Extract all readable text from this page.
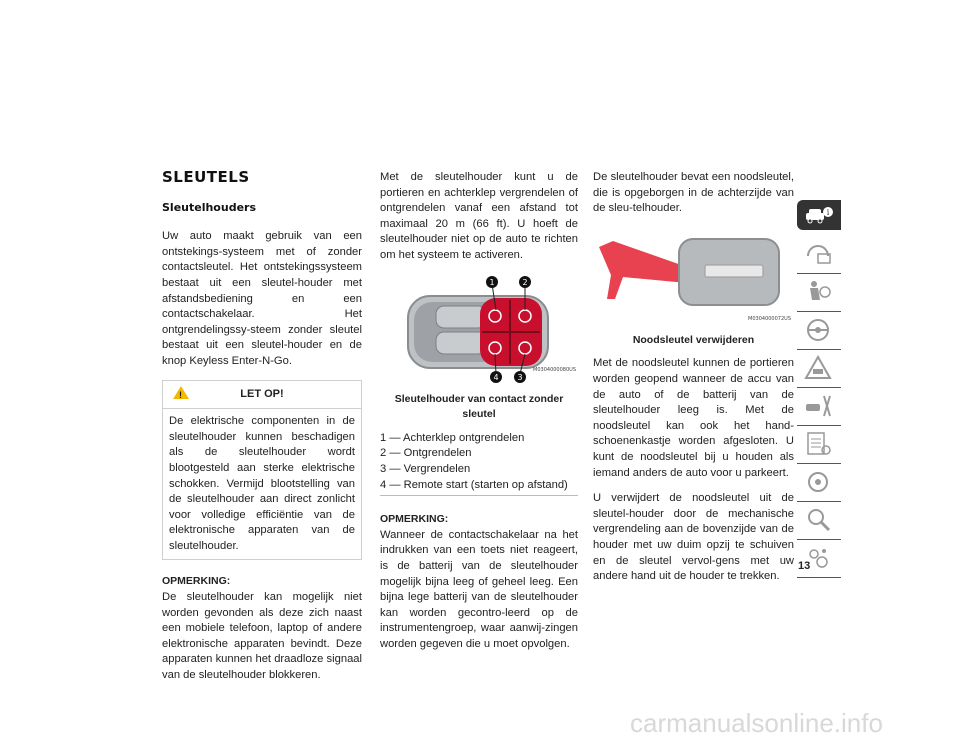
SLEUTELS
Sleutelhouders

Uw auto maakt gebruik van een ontstekings-systeem met of zonder contactsleutel. Het ontstekingssysteem bestaat uit een sleutel-houder met afstandsbediening en een contactschakelaar. Het ontgrendelingssy-steem zonder sleutel bestaat uit een sleutel-houder en de knop Keyless Enter-N-Go.

!	LET OP!
De elektrische componenten in de sleutelhouder kunnen beschadigen als de sleutelhouder wordt blootgesteld aan sterke elektrische schokken. Vermijd blootstelling van de sleutelhouder aan direct zonlicht voor volledige efficiëntie van de elektronische apparaten van de sleutelhouder.
OPMERKING:

De sleutelhouder kan mogelijk niet worden gevonden als deze zich naast een mobiele telefoon, laptop of andere elektronische apparaten bevindt. Deze apparaten kunnen het draadloze signaal van de sleutelhouder blokkeren.

Met de sleutelhouder kunt u de portieren en achterklep vergrendelen of ontgrendelen vanaf een afstand tot maximaal 20 m (66 ft). U hoeft de sleutelhouder niet op de auto te richten om het systeem te activeren.

1	2
3
4
M0304000080US
Sleutelhouder van contact zonder sleutel
1 — Achterklep ontgrendelen
2 — Ontgrendelen
3 — Vergrendelen
4 — Remote start (starten op afstand)
OPMERKING:

Wanneer de contactschakelaar na het indrukken van een toets niet reageert, is de batterij van de sleutelhouder mogelijk bijna leeg of geheel leeg. Een bijna lege batterij van de sleutelhouder kan worden gecontro-leerd op de instrumentengroep, waar aanwij-zingen worden gegeven die u moet opvolgen.

De sleutelhouder bevat een noodsleutel, die is opgeborgen in de achterzijde van de sleu-telhouder.

M0304000072US
Noodsleutel verwijderen

Met de noodsleutel kunnen de portieren worden geopend wanneer de accu van de auto of de batterij van de sleutelhouder leeg is. Met de noodsleutel kan ook het hand-schoenenkastje worden afgesloten. U kunt de noodsleutel bij u houden als iemand anders de auto voor u parkeert.

U verwijdert de noodsleutel uit de sleutel-houder door de mechanische vergrendeling aan de bovenzijde van de houder met uw duim opzij te schuiven en de sleutel vervol-gens met uw andere hand uit de houder te trekken.

i
13
carmanualsonline.info
